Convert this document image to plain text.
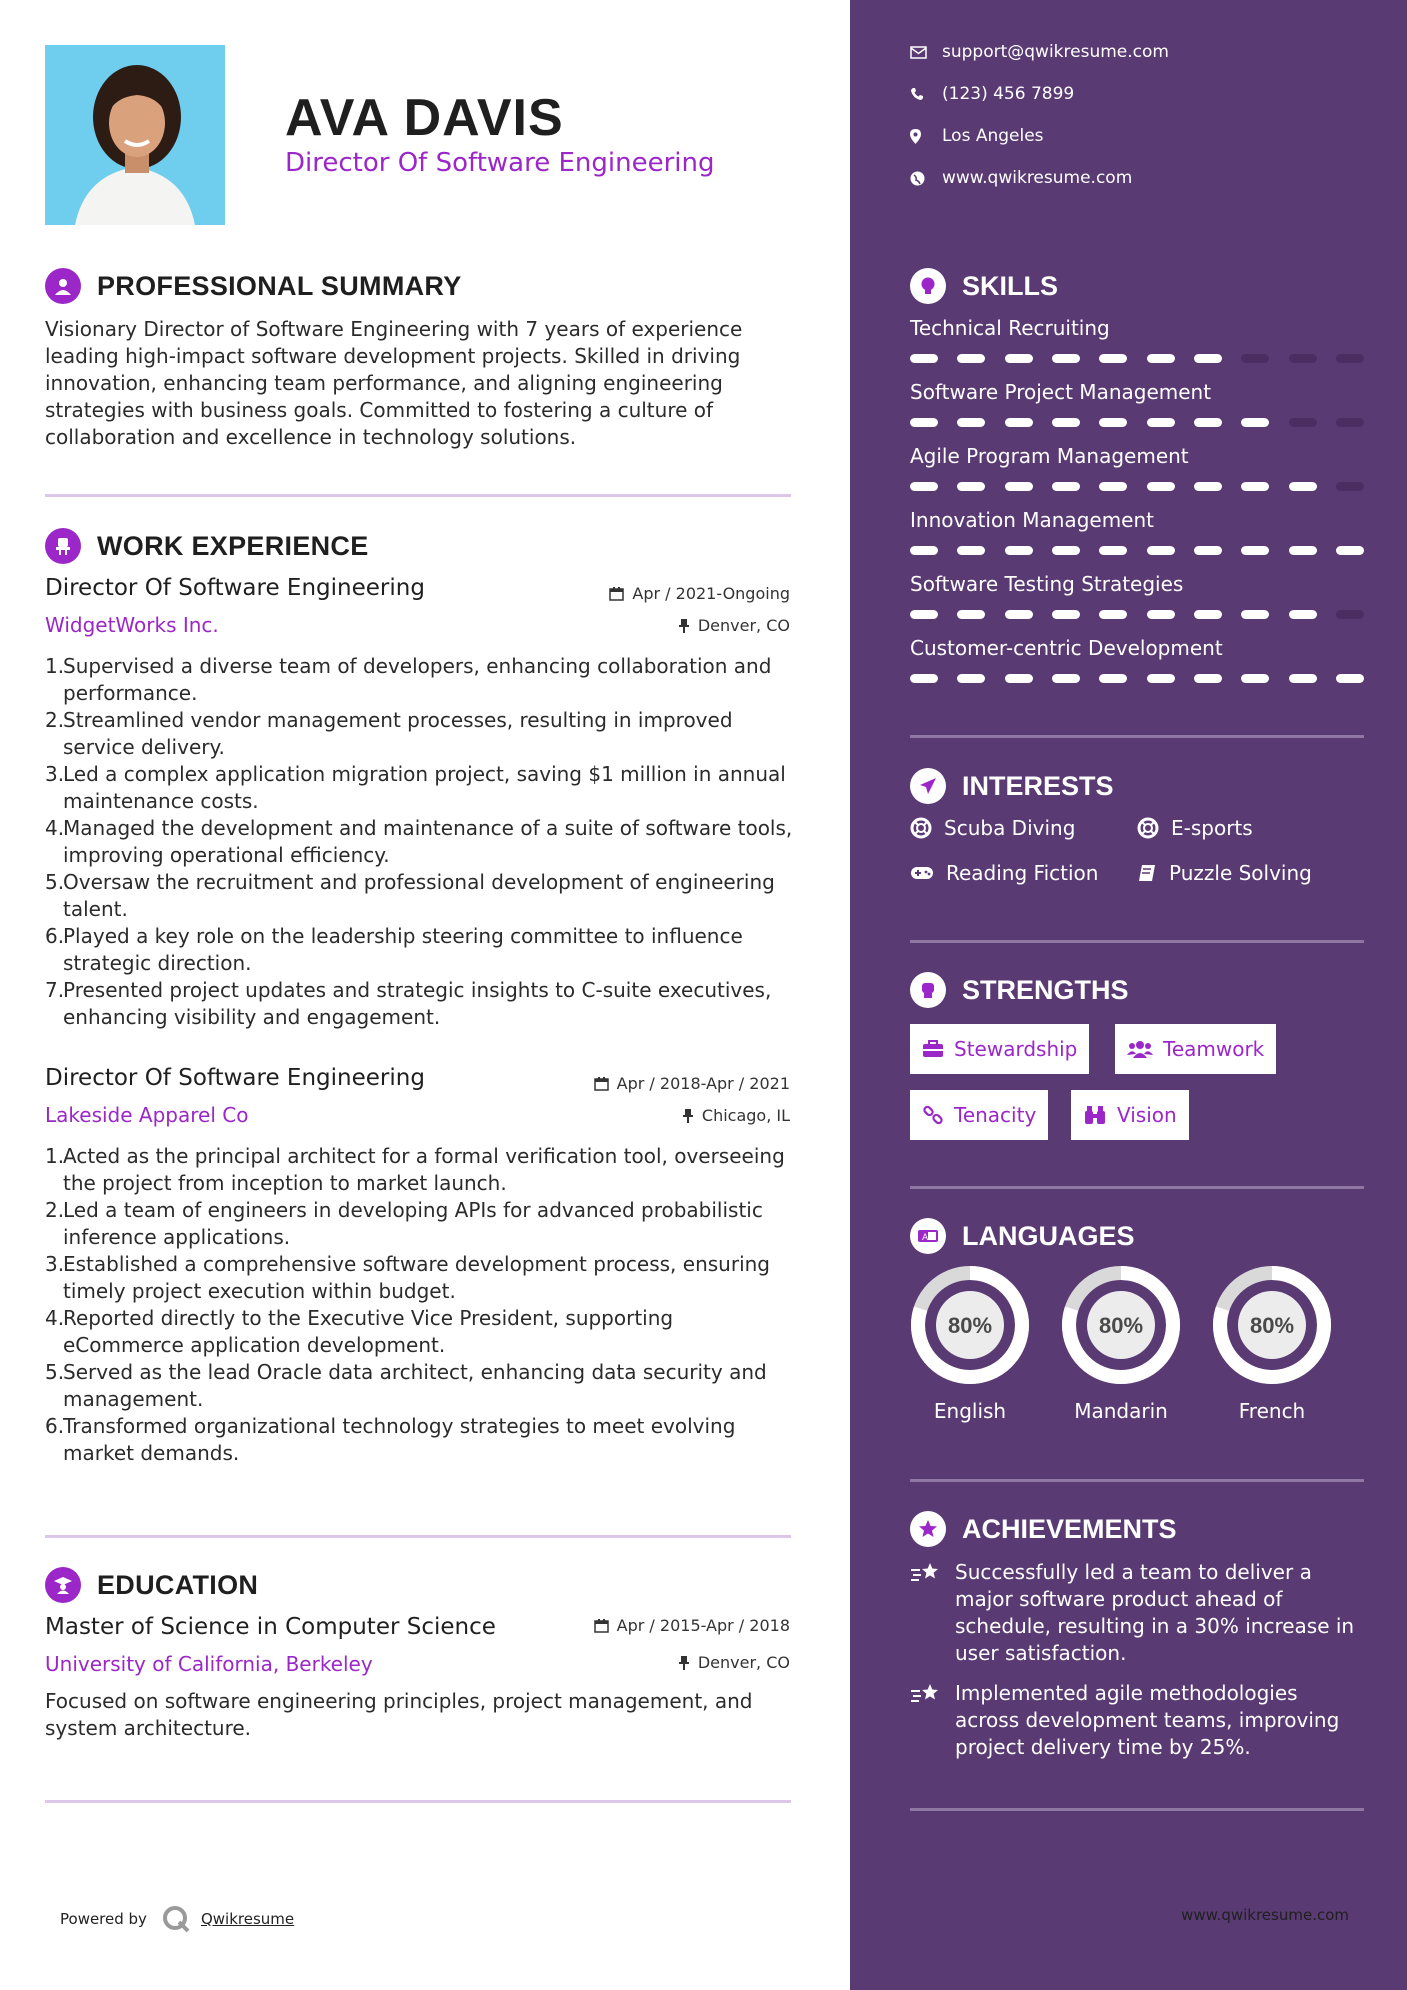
AVA DAVIS
Director Of Software Engineering
PROFESSIONAL SUMMARY
Visionary Director of Software Engineering with 7 years of experience leading high-impact software development projects. Skilled in driving innovation, enhancing team performance, and aligning engineering strategies with business goals. Committed to fostering a culture of collaboration and excellence in technology solutions.
WORK EXPERIENCE
Director Of Software Engineering	Apr / 2021-Ongoing
WidgetWorks Inc.	Denver, CO
1.
Supervised a diverse team of developers, enhancing collaboration and performance.
2.
Streamlined vendor management processes, resulting in improved service delivery.
3.
Led a complex application migration project, saving $1 million in annual maintenance costs.
4.
Managed the development and maintenance of a suite of software tools, improving operational efficiency.
5.
Oversaw the recruitment and professional development of engineering talent.
6.
Played a key role on the leadership steering committee to influence strategic direction.
7.
Presented project updates and strategic insights to C-suite executives, enhancing visibility and engagement.
Director Of Software Engineering	Apr / 2018-Apr / 2021
Lakeside Apparel Co	Chicago, IL
1.
Acted as the principal architect for a formal verification tool, overseeing the project from inception to market launch.
2.
Led a team of engineers in developing APIs for advanced probabilistic inference applications.
3.
Established a comprehensive software development process, ensuring timely project execution within budget.
4.
Reported directly to the Executive Vice President, supporting eCommerce application development.
5.
Served as the lead Oracle data architect, enhancing data security and management.
6.
Transformed organizational technology strategies to meet evolving market demands.
EDUCATION
Master of Science in Computer Science	Apr / 2015-Apr / 2018
University of California, Berkeley	Denver, CO
Focused on software engineering principles, project management, and system architecture.
Powered by	Qwikresume
support@qwikresume.com
(123) 456 7899
Los Angeles
www.qwikresume.com
SKILLS
Technical Recruiting
Software Project Management
Agile Program Management
Innovation Management
Software Testing Strategies
Customer-centric Development
INTERESTS
Scuba Diving	E-sports
Reading Fiction	Puzzle Solving
STRENGTHS
Stewardship	Teamwork
Tenacity	Vision
A LANGUAGES
80%
English
80%
Mandarin
80%
French
ACHIEVEMENTS
Successfully led a team to deliver a major software product ahead of schedule, resulting in a 30% increase in user satisfaction.
Implemented agile methodologies across development teams, improving project delivery time by 25%.
www.qwikresume.com
